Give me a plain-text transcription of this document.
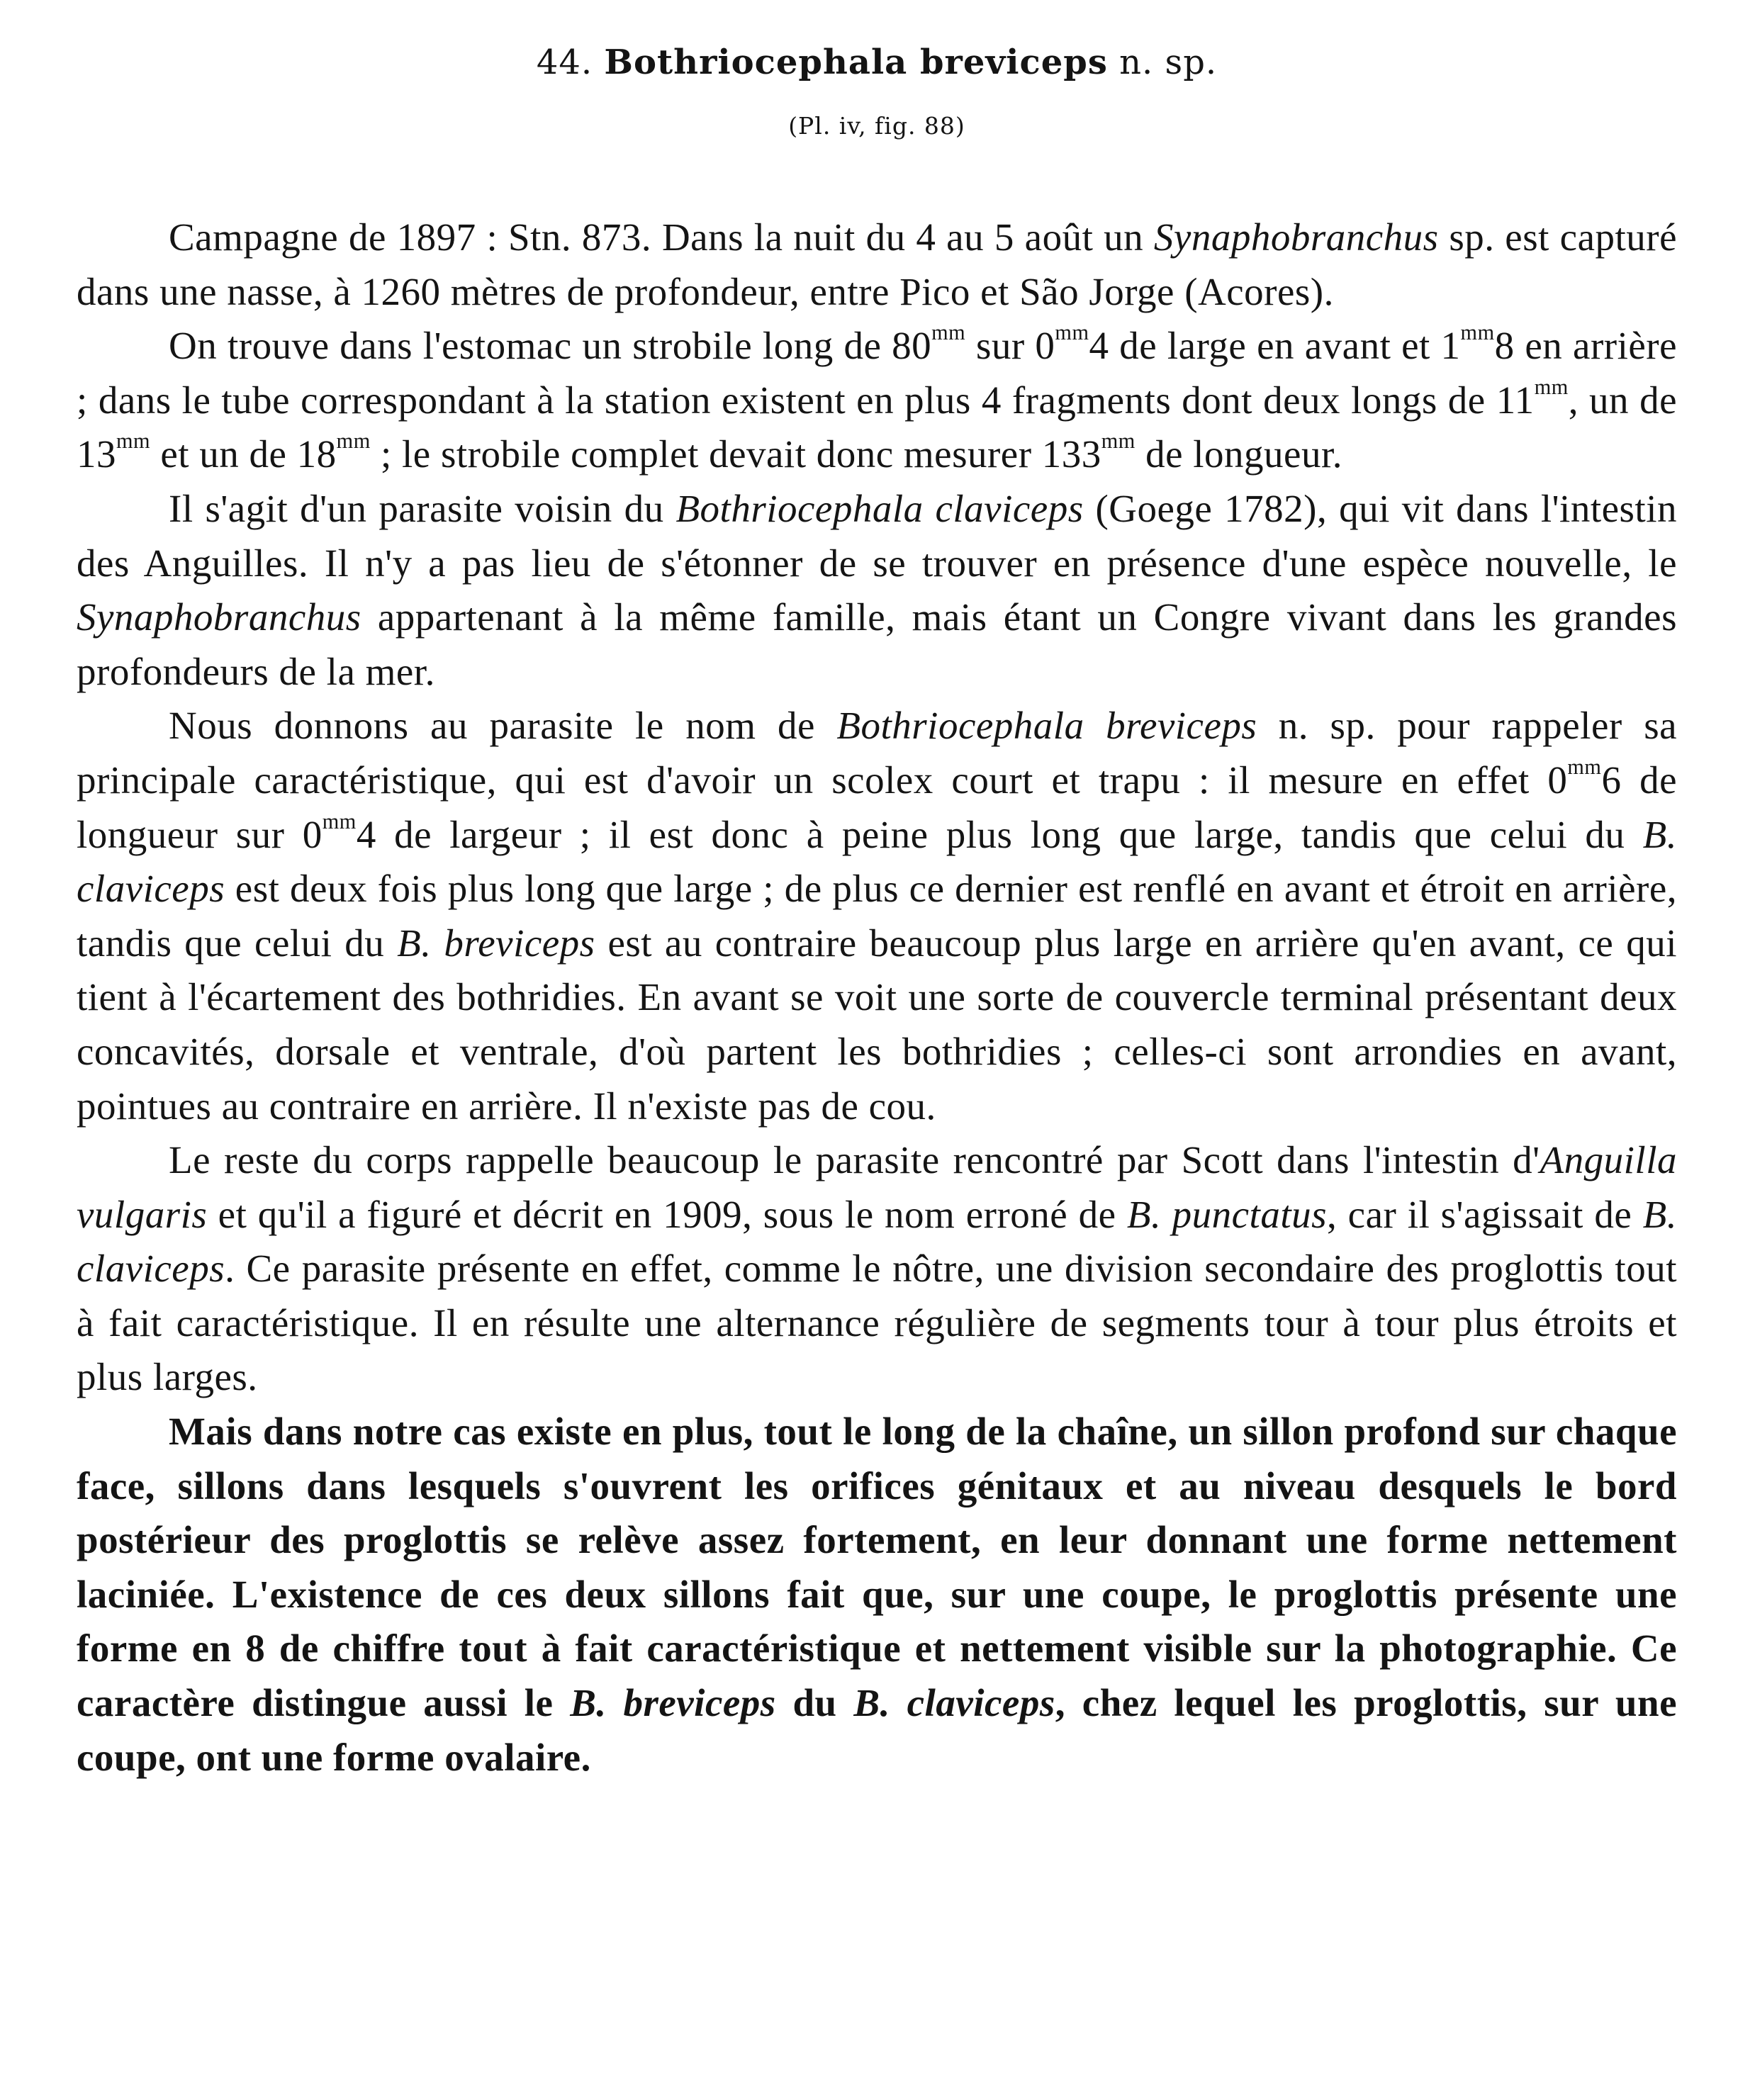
44. Bothriocephala breviceps n. sp.
(Pl. iv, fig. 88)

Campagne de 1897 : Stn. 873. Dans la nuit du 4 au 5 août un Synaphobranchus sp. est capturé dans une nasse, à 1260 mètres de profondeur, entre Pico et São Jorge (Acores).

On trouve dans l'estomac un strobile long de $80^{mm}$ sur $0^{mm}4$ de large en avant et $1^{mm}8$ en arrière ; dans le tube correspondant à la station existent en plus 4 fragments dont deux longs de $11^{mm}$, un de $13^{mm}$ et un de $18^{mm}$ ; le strobile complet devait donc mesurer $133^{mm}$ de longueur.

Il s'agit d'un parasite voisin du Bothriocephala claviceps (Goege 1782), qui vit dans l'intestin des Anguilles. Il n'y a pas lieu de s'étonner de se trouver en présence d'une espèce nouvelle, le Synaphobranchus appartenant à la même famille, mais étant un Congre vivant dans les grandes profondeurs de la mer.

Nous donnons au parasite le nom de Bothriocephala breviceps n. sp. pour rappeler sa principale caractéristique, qui est d'avoir un scolex court et trapu : il mesure en effet $0^{mm}6$ de longueur sur $0^{mm}4$ de largeur ; il est donc à peine plus long que large, tandis que celui du B. claviceps est deux fois plus long que large ; de plus ce dernier est renflé en avant et étroit en arrière, tandis que celui du B. breviceps est au contraire beaucoup plus large en arrière qu'en avant, ce qui tient à l'écartement des bothridies. En avant se voit une sorte de couvercle terminal présentant deux concavités, dorsale et ventrale, d'où partent les bothridies ; celles-ci sont arrondies en avant, pointues au contraire en arrière. Il n'existe pas de cou.

Le reste du corps rappelle beaucoup le parasite rencontré par Scott dans l'intestin d'Anguilla vulgaris et qu'il a figuré et décrit en 1909, sous le nom erroné de B. punctatus, car il s'agissait de B. claviceps. Ce parasite présente en effet, comme le nôtre, une division secondaire des proglottis tout à fait caractéristique. Il en résulte une alternance régulière de segments tour à tour plus étroits et plus larges.

Mais dans notre cas existe en plus, tout le long de la chaîne, un sillon profond sur chaque face, sillons dans lesquels s'ouvrent les orifices génitaux et au niveau desquels le bord postérieur des proglottis se relève assez fortement, en leur donnant une forme nettement laciniée. L'existence de ces deux sillons fait que, sur une coupe, le proglottis présente une forme en 8 de chiffre tout à fait caractéristique et nettement visible sur la photographie. Ce caractère distingue aussi le B. breviceps du B. claviceps, chez lequel les proglottis, sur une coupe, ont une forme ovalaire.
